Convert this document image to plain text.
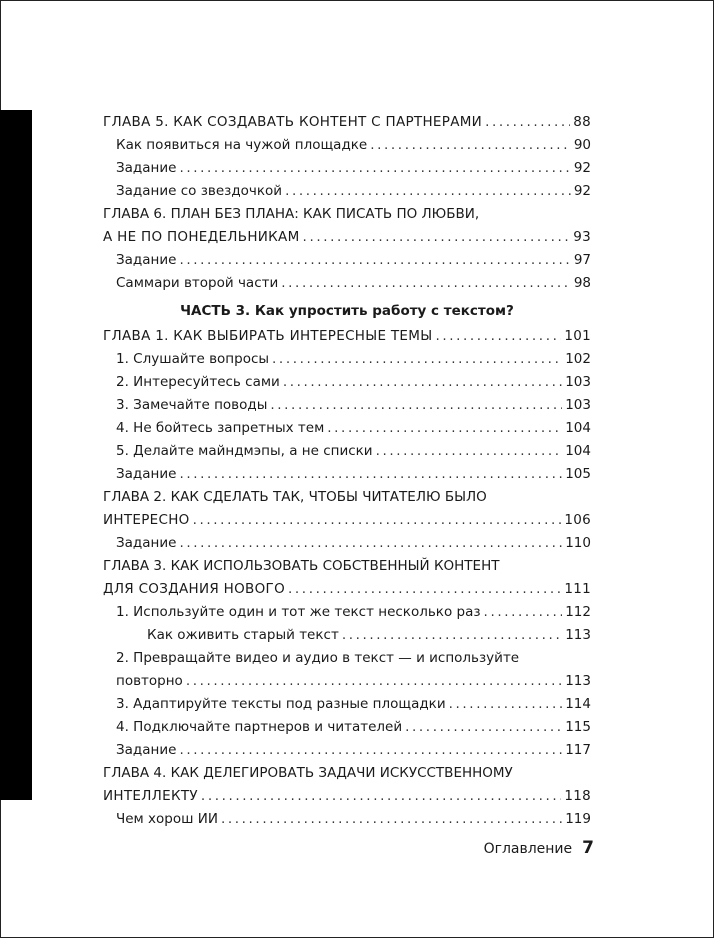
ГЛАВА 5. КАК СОЗДАВАТЬ КОНТЕНТ С ПАРТНЕРАМИ .....	88
Как появиться на чужой площадке .....	90
Задание .....	92
Задание со звездочкой .....	92
ГЛАВА 6. ПЛАН БЕЗ ПЛАНА: КАК ПИСАТЬ ПО ЛЮБВИ,
А НЕ ПО ПОНЕДЕЛЬНИКАМ .....	93
Задание .....	97
Саммари второй части .....	98
ЧАСТЬ 3. Как упростить работу с текстом?
ГЛАВА 1. КАК ВЫБИРАТЬ ИНТЕРЕСНЫЕ ТЕМЫ .....	101
1. Слушайте вопросы .....	102
2. Интересуйтесь сами .....	103
3. Замечайте поводы .....	103
4. Не бойтесь запретных тем .....	104
5. Делайте майндмэпы, а не списки .....	104
Задание .....	105
ГЛАВА 2. КАК СДЕЛАТЬ ТАК, ЧТОБЫ ЧИТАТЕЛЮ БЫЛО
ИНТЕРЕСНО .....	106
Задание .....	110
ГЛАВА 3. КАК ИСПОЛЬЗОВАТЬ СОБСТВЕННЫЙ КОНТЕНТ
ДЛЯ СОЗДАНИЯ НОВОГО .....	111
1. Используйте один и тот же текст несколько раз .....	112
Как оживить старый текст .....	113
2. Превращайте видео и аудио в текст — и используйте
повторно .....	113
3. Адаптируйте тексты под разные площадки .....	114
4. Подключайте партнеров и читателей .....	115
Задание .....	117
ГЛАВА 4. КАК ДЕЛЕГИРОВАТЬ ЗАДАЧИ ИСКУССТВЕННОМУ
ИНТЕЛЛЕКТУ .....	118
Чем хорош ИИ .....	119
Оглавление 7
